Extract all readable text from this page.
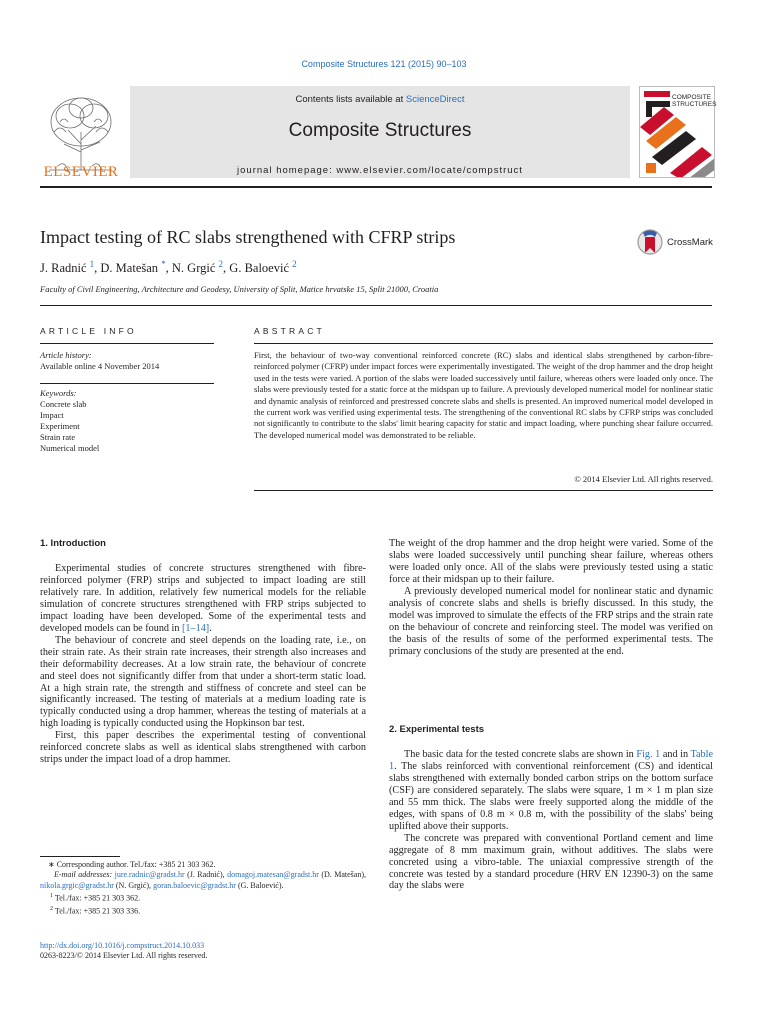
Composite Structures 121 (2015) 90–103
ELSEVIER
Contents lists available at ScienceDirect
Composite Structures
journal homepage: www.elsevier.com/locate/compstruct
COMPOSITE
STRUCTURES
Impact testing of RC slabs strengthened with CFRP strips	CrossMark
J. Radnić $^1$, D. Matešan *, N. Grgić $^2$, G. Baloević $^2$
Faculty of Civil Engineering, Architecture and Geodesy, University of Split, Matice hrvatske 15, Split 21000, Croatia
ARTICLE INFO
Article history:
Available online 4 November 2014
Keywords:
Concrete slab
Impact
Experiment
Strain rate
Numerical model
ABSTRACT
First, the behaviour of two-way conventional reinforced concrete (RC) slabs and identical slabs strengthened by carbon-fibre-reinforced polymer (CFRP) under impact forces were experimentally investigated. The weight of the drop hammer and the drop height used in the tests were varied. A portion of the slabs were loaded successively until failure, whereas others were loaded only once. The slabs were previously tested for a static force at the midspan up to failure. A previously developed numerical model for nonlinear static and dynamic analysis of reinforced and prestressed concrete slabs and shells is presented. An improved numerical model developed in the current work was verified using experimental tests. The strengthening of the conventional RC slabs by CFRP strips was concluded not significantly to contribute to the slabs' limit bearing capacity for static and impact loading, where punching shear failure occurred. The developed numerical model was demonstrated to be reliable.
© 2014 Elsevier Ltd. All rights reserved.
1. Introduction

Experimental studies of concrete structures strengthened with fibre-reinforced polymer (FRP) strips and subjected to impact loading are still relatively rare. In addition, relatively few numerical models for the reliable simulation of concrete structures strengthened with FRP strips subjected to impact loading have been developed. Some of the experimental tests and developed models can be found in [1–14].

The behaviour of concrete and steel depends on the loading rate, i.e., on their strain rate. As their strain rate increases, their strength also increases and their deformability decreases. At a low strain rate, the behaviour of concrete and steel does not significantly differ from that under a short-term static load. At a high strain rate, the strength and stiffness of concrete and steel can be significantly increased. The testing of materials at a medium loading rate is typically conducted using a drop hammer, whereas the testing of materials at a high loading is typically conducted using the Hopkinson bar test.

First, this paper describes the experimental testing of conventional reinforced concrete slabs as well as identical slabs strengthened with carbon strips under the impact load of a drop hammer.

The weight of the drop hammer and the drop height were varied. Some of the slabs were loaded successively until punching shear failure, whereas others were loaded only once. All of the slabs were previously tested using a static force at their midspan up to their failure.

A previously developed numerical model for nonlinear static and dynamic analysis of concrete slabs and shells is briefly discussed. In this study, the model was improved to simulate the effects of the FRP strips and the strain rate on the behaviour of concrete and reinforcing steel. The model was verified on the basis of the results of some of the performed experimental tests. The primary conclusions of the study are presented at the end.

2. Experimental tests

The basic data for the tested concrete slabs are shown in Fig. 1 and in Table 1. The slabs reinforced with conventional reinforcement (CS) and identical slabs strengthened with externally bonded carbon strips on the bottom surface (CSF) are considered separately. The slabs were square, 1 m × 1 m plan size and 55 mm thick. The slabs were freely supported along the middle of the edges, with spans of 0.8 m × 0.8 m, with the possibility of the slabs' being uplifted above their supports.

The concrete was prepared with conventional Portland cement and lime aggregate of 8 mm maximum grain, without additives. The slabs were concreted using a vibro-table. The uniaxial compressive strength of the concrete was tested by a standard procedure (HRV EN 12390-3) on the same day the slabs were

∗ Corresponding author. Tel./fax: +385 21 303 362.

E-mail addresses: jure.radnic@gradst.hr (J. Radnić), domagoj.matesan@gradst.hr (D. Matešan), nikola.grgic@gradst.hr (N. Grgić), goran.baloevic@gradst.hr (G. Baloević).

$^1$ Tel./fax: +385 21 303 362.

$^2$ Tel./fax: +385 21 303 336.

http://dx.doi.org/10.1016/j.compstruct.2014.10.033
0263-8223/© 2014 Elsevier Ltd. All rights reserved.
